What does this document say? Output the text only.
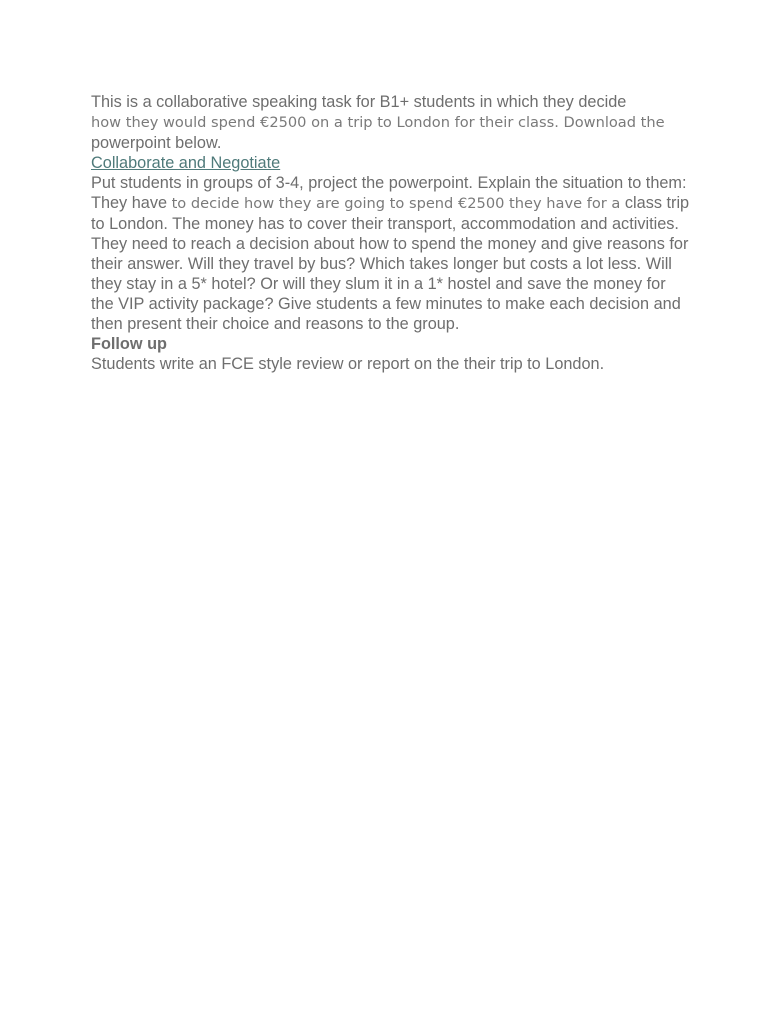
This is a collaborative speaking task for B1+ students in which they decide
how they would spend €2500 on a trip to London for their class. Download the
powerpoint below.

Collaborate and Negotiate

Put students in groups of 3-4, project the powerpoint. Explain the situation to them: They have to decide how they are going to spend €2500 they have for a class trip to London. The money has to cover their transport, accommodation and activities. They need to reach a decision about how to spend the money and give reasons for their answer. Will they travel by bus? Which takes longer but costs a lot less. Will they stay in a 5* hotel? Or will they slum it in a 1* hostel and save the money for the VIP activity package? Give students a few minutes to make each decision and then present their choice and reasons to the group.

Follow up

Students write an FCE style review or report on the their trip to London.
